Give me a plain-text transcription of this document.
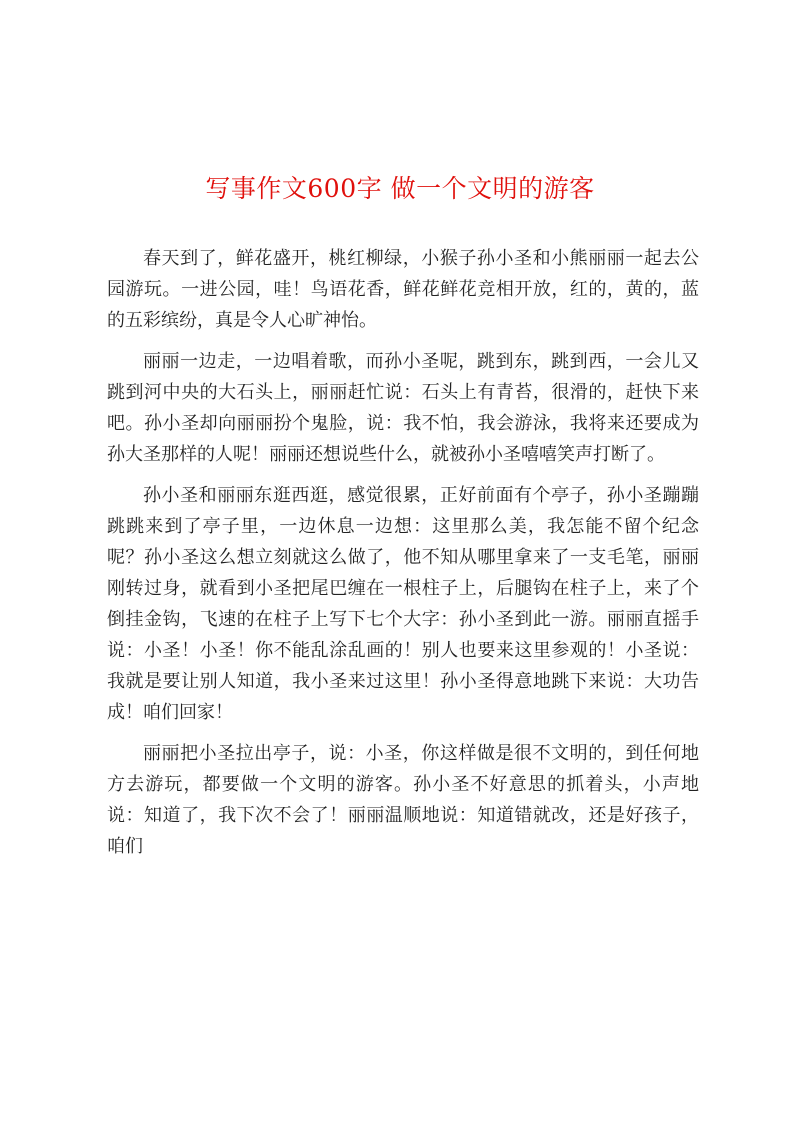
写事作文600字 做一个文明的游客

春天到了，鲜花盛开，桃红柳绿，小猴子孙小圣和小熊丽丽一起去公园游玩。一进公园，哇！鸟语花香，鲜花鲜花竞相开放，红的，黄的，蓝的五彩缤纷，真是令人心旷神怡。

丽丽一边走，一边唱着歌，而孙小圣呢，跳到东，跳到西，一会儿又跳到河中央的大石头上，丽丽赶忙说：石头上有青苔，很滑的，赶快下来吧。孙小圣却向丽丽扮个鬼脸，说：我不怕，我会游泳，我将来还要成为孙大圣那样的人呢！丽丽还想说些什么，就被孙小圣嘻嘻笑声打断了。

孙小圣和丽丽东逛西逛，感觉很累，正好前面有个亭子，孙小圣蹦蹦跳跳来到了亭子里，一边休息一边想：这里那么美，我怎能不留个纪念呢？孙小圣这么想立刻就这么做了，他不知从哪里拿来了一支毛笔，丽丽刚转过身，就看到小圣把尾巴缠在一根柱子上，后腿钩在柱子上，来了个倒挂金钩，飞速的在柱子上写下七个大字：孙小圣到此一游。丽丽直摇手说：小圣！小圣！你不能乱涂乱画的！别人也要来这里参观的！小圣说：我就是要让别人知道，我小圣来过这里！孙小圣得意地跳下来说：大功告成！咱们回家！

丽丽把小圣拉出亭子，说：小圣，你这样做是很不文明的，到任何地方去游玩，都要做一个文明的游客。孙小圣不好意思的抓着头，小声地说：知道了，我下次不会了！丽丽温顺地说：知道错就改，还是好孩子，咱们
